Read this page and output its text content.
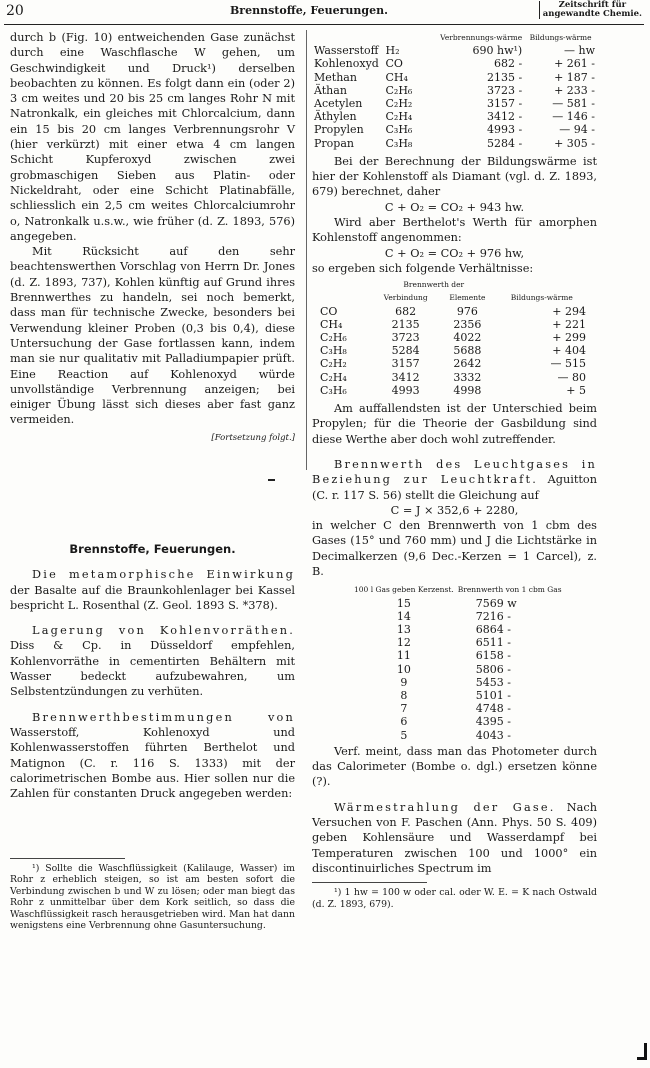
20	Brennstoffe, Feuerungen.	Zeitschrift für
angewandte Chemie.

durch b (Fig. 10) entweichenden Gase zunächst durch eine Waschflasche W gehen, um Geschwindigkeit und Druck¹) derselben beobachten zu können. Es folgt dann ein (oder 2) 3 cm weites und 20 bis 25 cm langes Rohr N mit Natronkalk, ein gleiches mit Chlorcalcium, dann ein 15 bis 20 cm langes Verbrennungsrohr V (hier verkürzt) mit einer etwa 4 cm langen Schicht Kupferoxyd zwischen zwei grobmaschigen Sieben aus Platin- oder Nickeldraht, oder eine Schicht Platinabfälle, schliesslich ein 2,5 cm weites Chlorcalciumrohr o, Natronkalk u.s.w., wie früher (d. Z. 1893, 576) angegeben.

Mit Rücksicht auf den sehr beachtenswerthen Vorschlag von Herrn Dr. Jones (d. Z. 1893, 737), Kohlen künftig auf Grund ihres Brennwerthes zu handeln, sei noch bemerkt, dass man für technische Zwecke, besonders bei Verwendung kleiner Proben (0,3 bis 0,4), diese Untersuchung der Gase fortlassen kann, indem man sie nur qualitativ mit Palladiumpapier prüft. Eine Reaction auf Kohlenoxyd würde unvollständige Verbrennung anzeigen; bei einiger Übung lässt sich dieses aber fast ganz vermeiden.

[Fortsetzung folgt.]

Brennstoffe, Feuerungen.

Die metamorphische Einwirkung der Basalte auf die Braunkohlenlager bei Kassel bespricht L. Rosenthal (Z. Geol. 1893 S. *378).

Lagerung von Kohlenvorräthen. Diss & Cp. in Düsseldorf empfehlen, Kohlenvorräthe in cementirten Behältern mit Wasser bedeckt aufzubewahren, um Selbstentzündungen zu verhüten.

Brennwerthbestimmungen von Wasserstoff, Kohlenoxyd und Kohlenwasserstoffen führten Berthelot und Matignon (C. r. 116 S. 1333) mit der calorimetrischen Bombe aus. Hier sollen nur die Zahlen für constanten Druck angegeben werden:

¹) Sollte die Waschflüssigkeit (Kalilauge, Wasser) im Rohr z erheblich steigen, so ist am besten sofort die Verbindung zwischen b und W zu lösen; oder man biegt das Rohr z unmittelbar über dem Kork seitlich, so dass die Waschflüssigkeit rasch herausgetrieben wird. Man hat dann wenigstens eine Verbrennung ohne Gasuntersuchung.

		Verbrennungs-wärme	Bildungs-wärme
Wasserstoff	H₂	690 hw¹)	— hw
Kohlenoxyd	CO	682 -	+ 261 -
Methan	CH₄	2135 -	+ 187 -
Äthan	C₂H₆	3723 -	+ 233 -
Acetylen	C₂H₂	3157 -	— 581 -
Äthylen	C₂H₄	3412 -	— 146 -
Propylen	C₃H₆	4993 -	— 94 -
Propan	C₃H₈	5284 -	+ 305 -

Bei der Berechnung der Bildungswärme ist hier der Kohlenstoff als Diamant (vgl. d. Z. 1893, 679) berechnet, daher

C + O₂ = CO₂ + 943 hw.

Wird aber Berthelot's Werth für amorphen Kohlenstoff angenommen:

C + O₂ = CO₂ + 976 hw,

so ergeben sich folgende Verhältnisse:

	Brennwerth der		
	Verbindung	Elemente	Bildungs-wärme
CO	682	976	+ 294
CH₄	2135	2356	+ 221
C₂H₆	3723	4022	+ 299
C₃H₈	5284	5688	+ 404
C₂H₂	3157	2642	— 515
C₂H₄	3412	3332	— 80
C₃H₆	4993	4998	+ 5

Am auffallendsten ist der Unterschied beim Propylen; für die Theorie der Gasbildung sind diese Werthe aber doch wohl zutreffender.

Brennwerth des Leuchtgases in Beziehung zur Leuchtkraft. Aguitton (C. r. 117 S. 56) stellt die Gleichung auf

C = J × 352,6 + 2280,

in welcher C den Brennwerth von 1 cbm des Gases (15° und 760 mm) und J die Lichtstärke in Decimalkerzen (9,6 Dec.-Kerzen = 1 Carcel), z. B.

100 l Gas geben Kerzenst.	Brennwerth von 1 cbm Gas
15	7569 w
14	7216 -
13	6864 -
12	6511 -
11	6158 -
10	5806 -
9	5453 -
8	5101 -
7	4748 -
6	4395 -
5	4043 -

Verf. meint, dass man das Photometer durch das Calorimeter (Bombe o. dgl.) ersetzen könne (?).

Wärmestrahlung der Gase. Nach Versuchen von F. Paschen (Ann. Phys. 50 S. 409) geben Kohlensäure und Wasserdampf bei Temperaturen zwischen 100 und 1000° ein discontinuirliches Spectrum im

¹) 1 hw = 100 w oder cal. oder W. E. = K nach Ostwald (d. Z. 1893, 679).
